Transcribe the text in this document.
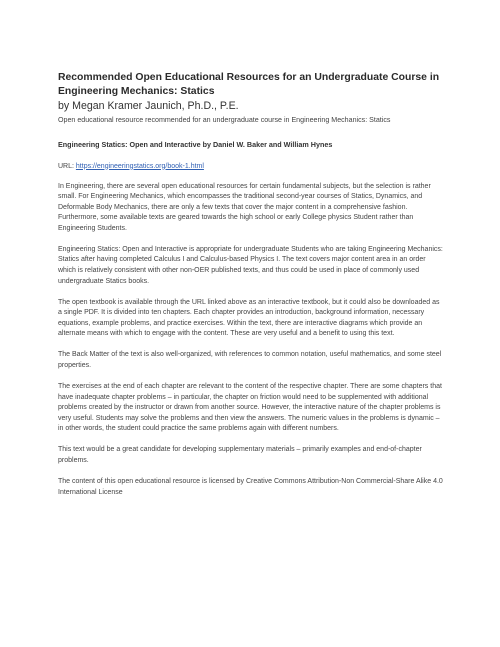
Recommended Open Educational Resources for an Undergraduate Course in Engineering Mechanics: Statics

by Megan Kramer Jaunich, Ph.D., P.E.

Open educational resource recommended for an undergraduate course in Engineering Mechanics: Statics

Engineering Statics: Open and Interactive by Daniel W. Baker and William Hynes

URL: https://engineeringstatics.org/book-1.html

In Engineering, there are several open educational resources for certain fundamental subjects, but the selection is rather small. For Engineering Mechanics, which encompasses the traditional second-year courses of Statics, Dynamics, and Deformable Body Mechanics, there are only a few texts that cover the major content in a comprehensive fashion. Furthermore, some available texts are geared towards the high school or early College physics Student rather than Engineering Students.

Engineering Statics: Open and Interactive is appropriate for undergraduate Students who are taking Engineering Mechanics: Statics after having completed Calculus I and Calculus-based Physics I. The text covers major content area in an order which is relatively consistent with other non-OER published texts, and thus could be used in place of commonly used undergraduate Statics books.

The open textbook is available through the URL linked above as an interactive textbook, but it could also be downloaded as a single PDF. It is divided into ten chapters. Each chapter provides an introduction, background information, necessary equations, example problems, and practice exercises. Within the text, there are interactive diagrams which provide an alternate means with which to engage with the content. These are very useful and a benefit to using this text.

The Back Matter of the text is also well-organized, with references to common notation, useful mathematics, and some steel properties.

The exercises at the end of each chapter are relevant to the content of the respective chapter. There are some chapters that have inadequate chapter problems – in particular, the chapter on friction would need to be supplemented with additional problems created by the instructor or drawn from another source. However, the interactive nature of the chapter problems is very useful. Students may solve the problems and then view the answers. The numeric values in the problems is dynamic – in other words, the student could practice the same problems again with different numbers.

This text would be a great candidate for developing supplementary materials – primarily examples and end-of-chapter problems.

The content of this open educational resource is licensed by Creative Commons Attribution-Non Commercial-Share Alike 4.0 International License
